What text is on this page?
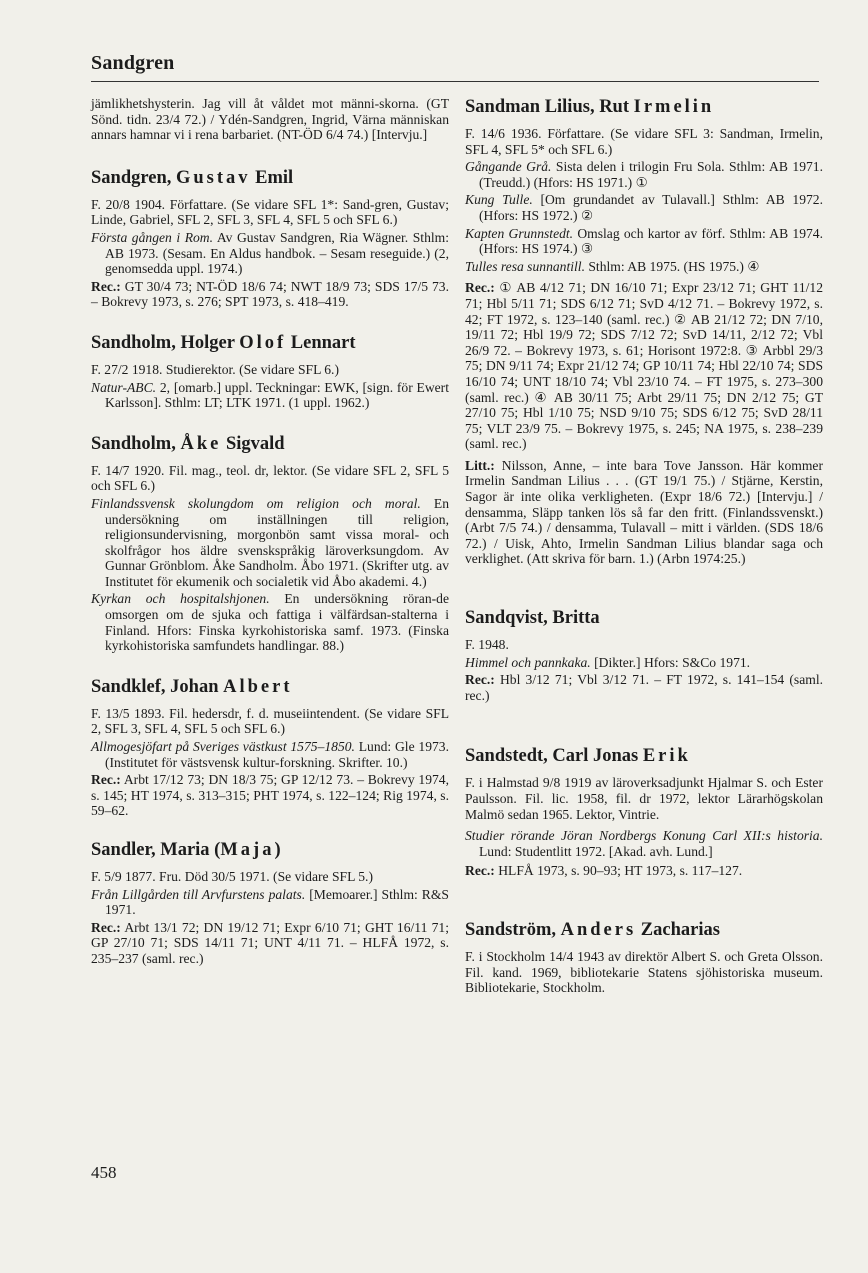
Sandgren

jämlikhetshysterin. Jag vill åt våldet mot männi-skorna. (GT Sönd. tidn. 23/4 72.) / Ydén-Sandgren, Ingrid, Värna människan annars hamnar vi i rena barbariet. (NT-ÖD 6/4 74.) [Intervju.]

Sandgren, Gustav Emil

F. 20/8 1904. Författare. (Se vidare SFL 1*: Sand-gren, Gustav; Linde, Gabriel, SFL 2, SFL 3, SFL 4, SFL 5 och SFL 6.)

Första gången i Rom. Av Gustav Sandgren, Ria Wägner. Sthlm: AB 1973. (Sesam. En Aldus handbok. – Sesam reseguide.) (2, genomsedda uppl. 1974.)

Rec.: GT 30/4 73; NT-ÖD 18/6 74; NWT 18/9 73; SDS 17/5 73. – Bokrevy 1973, s. 276; SPT 1973, s. 418–419.

Sandholm, Holger Olof Lennart

F. 27/2 1918. Studierektor. (Se vidare SFL 6.)

Natur-ABC. 2, [omarb.] uppl. Teckningar: EWK, [sign. för Ewert Karlsson]. Sthlm: LT; LTK 1971. (1 uppl. 1962.)

Sandholm, Åke Sigvald

F. 14/7 1920. Fil. mag., teol. dr, lektor. (Se vidare SFL 2, SFL 5 och SFL 6.)

Finlandssvensk skolungdom om religion och moral. En undersökning om inställningen till religion, religionsundervisning, morgonbön samt vissa moral- och skolfrågor hos äldre svenskspråkig läroverksungdom. Av Gunnar Grönblom. Åke Sandholm. Åbo 1971. (Skrifter utg. av Institutet för ekumenik och socialetik vid Åbo akademi. 4.)

Kyrkan och hospitalshjonen. En undersökning röran-de omsorgen om de sjuka och fattiga i välfärdsan-stalterna i Finland. Hfors: Finska kyrkohistoriska samf. 1973. (Finska kyrkohistoriska samfundets handlingar. 88.)

Sandklef, Johan Albert

F. 13/5 1893. Fil. hedersdr, f. d. museiintendent. (Se vidare SFL 2, SFL 3, SFL 4, SFL 5 och SFL 6.)

Allmogesjöfart på Sveriges västkust 1575–1850. Lund: Gle 1973. (Institutet för västsvensk kultur-forskning. Skrifter. 10.)

Rec.: Arbt 17/12 73; DN 18/3 75; GP 12/12 73. – Bokrevy 1974, s. 145; HT 1974, s. 313–315; PHT 1974, s. 122–124; Rig 1974, s. 59–62.

Sandler, Maria (Maja)

F. 5/9 1877. Fru. Död 30/5 1971. (Se vidare SFL 5.)

Från Lillgården till Arvfurstens palats. [Memoarer.] Sthlm: R&S 1971.

Rec.: Arbt 13/1 72; DN 19/12 71; Expr 6/10 71; GHT 16/11 71; GP 27/10 71; SDS 14/11 71; UNT 4/11 71. – HLFÅ 1972, s. 235–237 (saml. rec.)

Sandman Lilius, Rut Irmelin

F. 14/6 1936. Författare. (Se vidare SFL 3: Sandman, Irmelin, SFL 4, SFL 5* och SFL 6.)

Gångande Grå. Sista delen i trilogin Fru Sola. Sthlm: AB 1971. (Treudd.) (Hfors: HS 1971.) ①

Kung Tulle. [Om grundandet av Tulavall.] Sthlm: AB 1972. (Hfors: HS 1972.) ②

Kapten Grunnstedt. Omslag och kartor av förf. Sthlm: AB 1974. (Hfors: HS 1974.) ③

Tulles resa sunnantill. Sthlm: AB 1975. (HS 1975.) ④

Rec.: ① AB 4/12 71; DN 16/10 71; Expr 23/12 71; GHT 11/12 71; Hbl 5/11 71; SDS 6/12 71; SvD 4/12 71. – Bokrevy 1972, s. 42; FT 1972, s. 123–140 (saml. rec.) ② AB 21/12 72; DN 7/10, 19/11 72; Hbl 19/9 72; SDS 7/12 72; SvD 14/11, 2/12 72; Vbl 26/9 72. – Bokrevy 1973, s. 61; Horisont 1972:8. ③ Arbbl 29/3 75; DN 9/11 74; Expr 21/12 74; GP 10/11 74; Hbl 22/10 74; SDS 16/10 74; UNT 18/10 74; Vbl 23/10 74. – FT 1975, s. 273–300 (saml. rec.) ④ AB 30/11 75; Arbt 29/11 75; DN 2/12 75; GT 27/10 75; Hbl 1/10 75; NSD 9/10 75; SDS 6/12 75; SvD 28/11 75; VLT 23/9 75. – Bokrevy 1975, s. 245; NA 1975, s. 238–239 (saml. rec.)

Litt.: Nilsson, Anne, – inte bara Tove Jansson. Här kommer Irmelin Sandman Lilius . . . (GT 19/1 75.) / Stjärne, Kerstin, Sagor är inte olika verkligheten. (Expr 18/6 72.) [Intervju.] / densamma, Släpp tanken lös så far den fritt. (Finlandssvenskt.) (Arbt 7/5 74.) / densamma, Tulavall – mitt i världen. (SDS 18/6 72.) / Uisk, Ahto, Irmelin Sandman Lilius blandar saga och verklighet. (Att skriva för barn. 1.) (Arbn 1974:25.)

Sandqvist, Britta

F. 1948.

Himmel och pannkaka. [Dikter.] Hfors: S&Co 1971.

Rec.: Hbl 3/12 71; Vbl 3/12 71. – FT 1972, s. 141–154 (saml. rec.)

Sandstedt, Carl Jonas Erik

F. i Halmstad 9/8 1919 av läroverksadjunkt Hjalmar S. och Ester Paulsson. Fil. lic. 1958, fil. dr 1972, lektor Lärarhögskolan Malmö sedan 1965. Lektor, Vintrie.

Studier rörande Jöran Nordbergs Konung Carl XII:s historia. Lund: Studentlitt 1972. [Akad. avh. Lund.]

Rec.: HLFÅ 1973, s. 90–93; HT 1973, s. 117–127.

Sandström, Anders Zacharias

F. i Stockholm 14/4 1943 av direktör Albert S. och Greta Olsson. Fil. kand. 1969, bibliotekarie Statens sjöhistoriska museum. Bibliotekarie, Stockholm.

458
